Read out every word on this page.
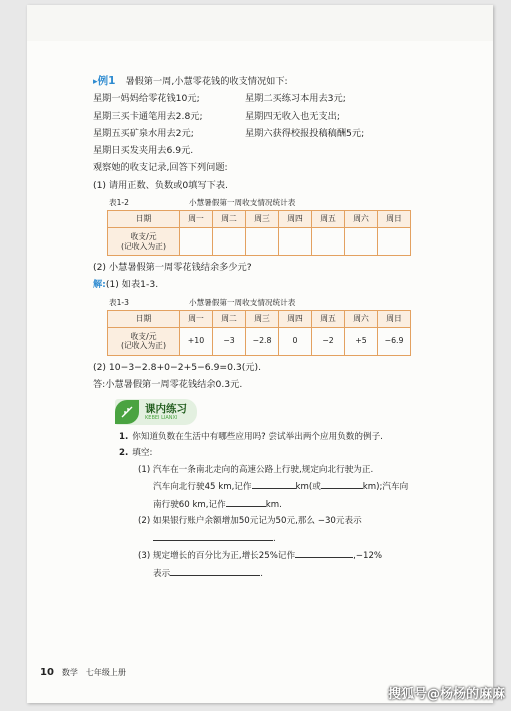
▸例1 暑假第一周,小慧零花钱的收支情况如下:
星期一妈妈给零花钱10元;	星期二买练习本用去3元;
星期三买卡通笔用去2.8元;	星期四无收入也无支出;
星期五买矿泉水用去2元;	星期六获得校报投稿稿酬5元;
星期日买发夹用去6.9元.
观察她的收支记录,回答下列问题:
(1) 请用正数、负数或0填写下表.
表1-2	小慧暑假第一周收支情况统计表
日期	周一	周二	周三	周四	周五	周六	周日
收支/元
(记收入为正)							
(2) 小慧暑假第一周零花钱结余多少元?
解:(1) 如表1-3.
表1-3	小慧暑假第一周收支情况统计表
日期	周一	周二	周三	周四	周五	周六	周日
收支/元
(记收入为正)	+10	−3	−2.8	0	−2	+5	−6.9
(2) 10−3−2.8+0−2+5−6.9=0.3(元).
答:小慧暑假第一周零花钱结余0.3元.
课内练习
KEBEI LIANXI
1. 你知道负数在生活中有哪些应用吗? 尝试举出两个应用负数的例子.
2. 填空:
(1) 汽车在一条南北走向的高速公路上行驶,规定向北行驶为正.
汽车向北行驶45 km,记作	km(或	km);汽车向
南行驶60 km,记作	km.
(2) 如果银行账户余额增加50元记为50元,那么 −30元表示
.
(3) 规定增长的百分比为正,增长25%记作	,−12%
表示	.
10 数学 七年级上册
搜狐号@杨杨的麻麻
